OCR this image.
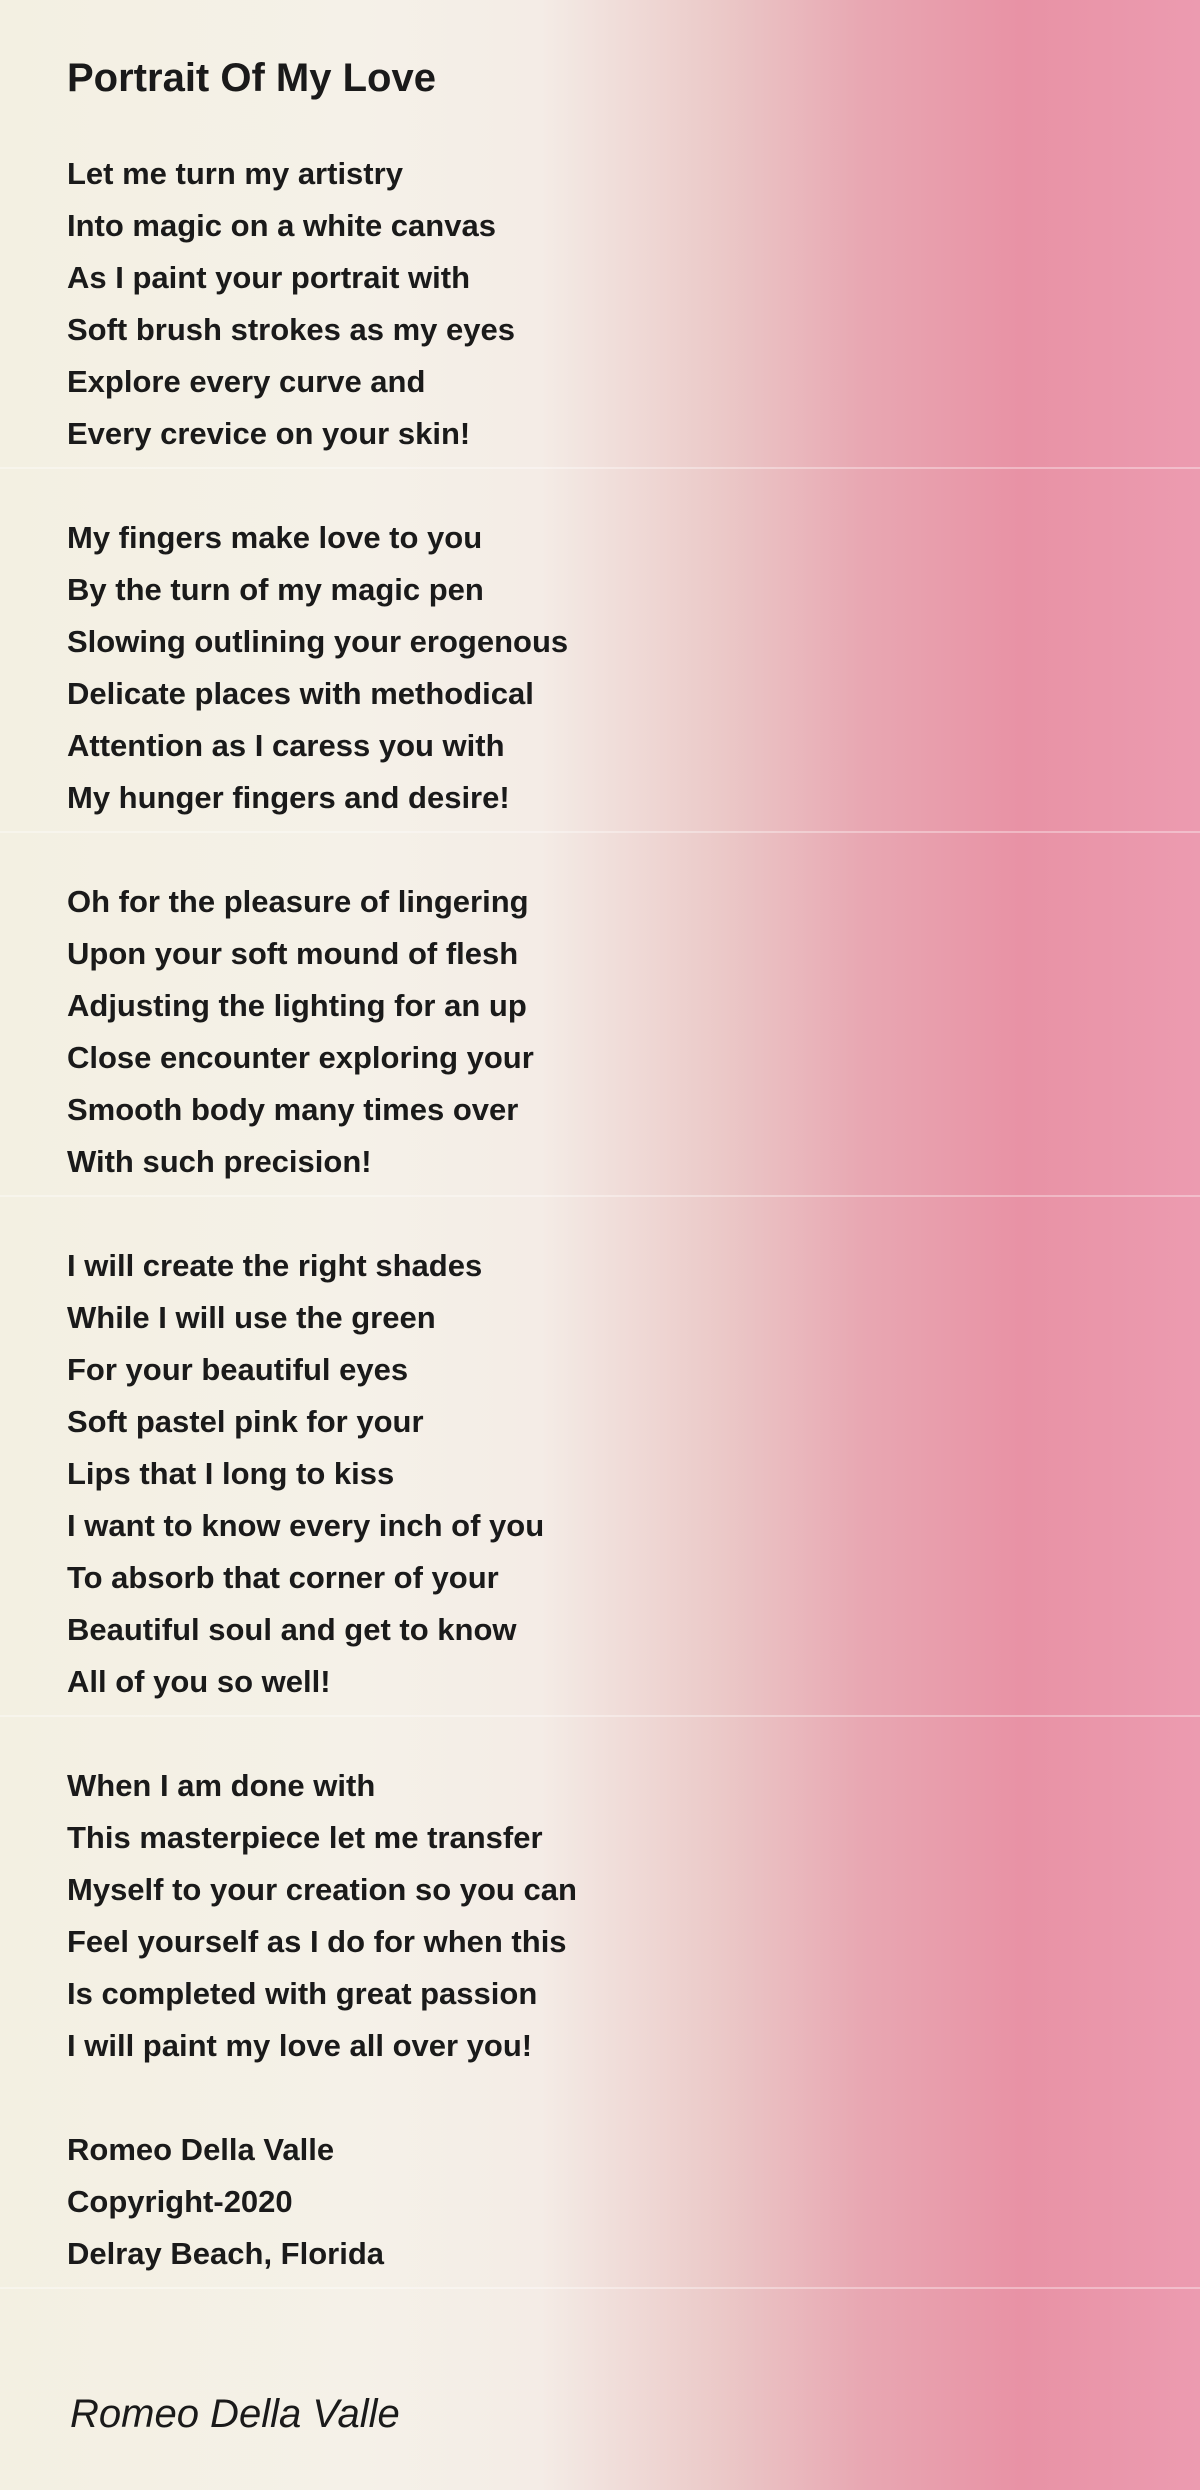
Portrait Of My Love
Let me turn my artistry
Into magic on a white canvas
As I paint your portrait with
Soft brush strokes as my eyes
Explore every curve and
Every crevice on your skin!
My fingers make love to you
By the turn of my magic pen
Slowing outlining your erogenous
Delicate places with methodical
Attention as I caress you with
My hunger fingers and desire!
Oh for the pleasure of lingering
Upon your soft mound of flesh
Adjusting the lighting for an up
Close encounter exploring your
Smooth body many times over
With such precision!
I will create the right shades
While I will use the green
For your beautiful eyes
Soft pastel pink for your
Lips that I long to kiss
I want to know every inch of you
To absorb that corner of your
Beautiful soul and get to know
All of you so well!
When I am done with
This masterpiece let me transfer
Myself to your creation so you can
Feel yourself as I do for when this
Is completed with great passion
I will paint my love all over you!
Romeo Della Valle
Copyright-2020
Delray Beach, Florida
Romeo Della Valle
